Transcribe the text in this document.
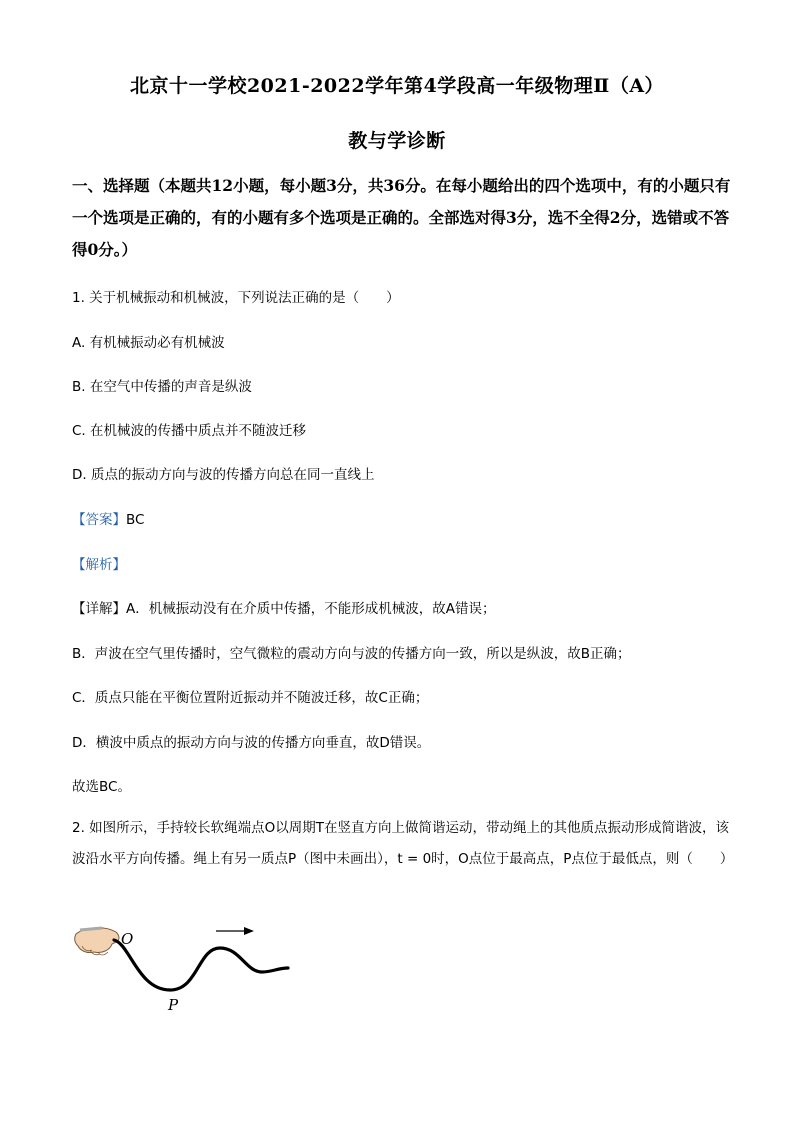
北京十一学校2021-2022学年第4学段高一年级物理Ⅱ（A）
教与学诊断
一、选择题（本题共12小题，每小题3分，共36分。在每小题给出的四个选项中，有的小题只有一个选项是正确的，有的小题有多个选项是正确的。全部选对得3分，选不全得2分，选错或不答得0分。）
1. 关于机械振动和机械波，下列说法正确的是（　　）
A. 有机械振动必有机械波
B. 在空气中传播的声音是纵波
C. 在机械波的传播中质点并不随波迁移
D. 质点的振动方向与波的传播方向总在同一直线上
【答案】BC
【解析】
【详解】A．机械振动没有在介质中传播，不能形成机械波，故A错误；
B．声波在空气里传播时，空气微粒的震动方向与波的传播方向一致，所以是纵波，故B正确；
C．质点只能在平衡位置附近振动并不随波迁移，故C正确；
D．横波中质点的振动方向与波的传播方向垂直，故D错误。
故选BC。
2. 如图所示，手持较长软绳端点O以周期T在竖直方向上做简谐运动，带动绳上的其他质点振动形成简谐波，该波沿水平方向传播。绳上有另一质点P（图中未画出），t = 0时，O点位于最高点，P点位于最低点，则（　　）
O
P
